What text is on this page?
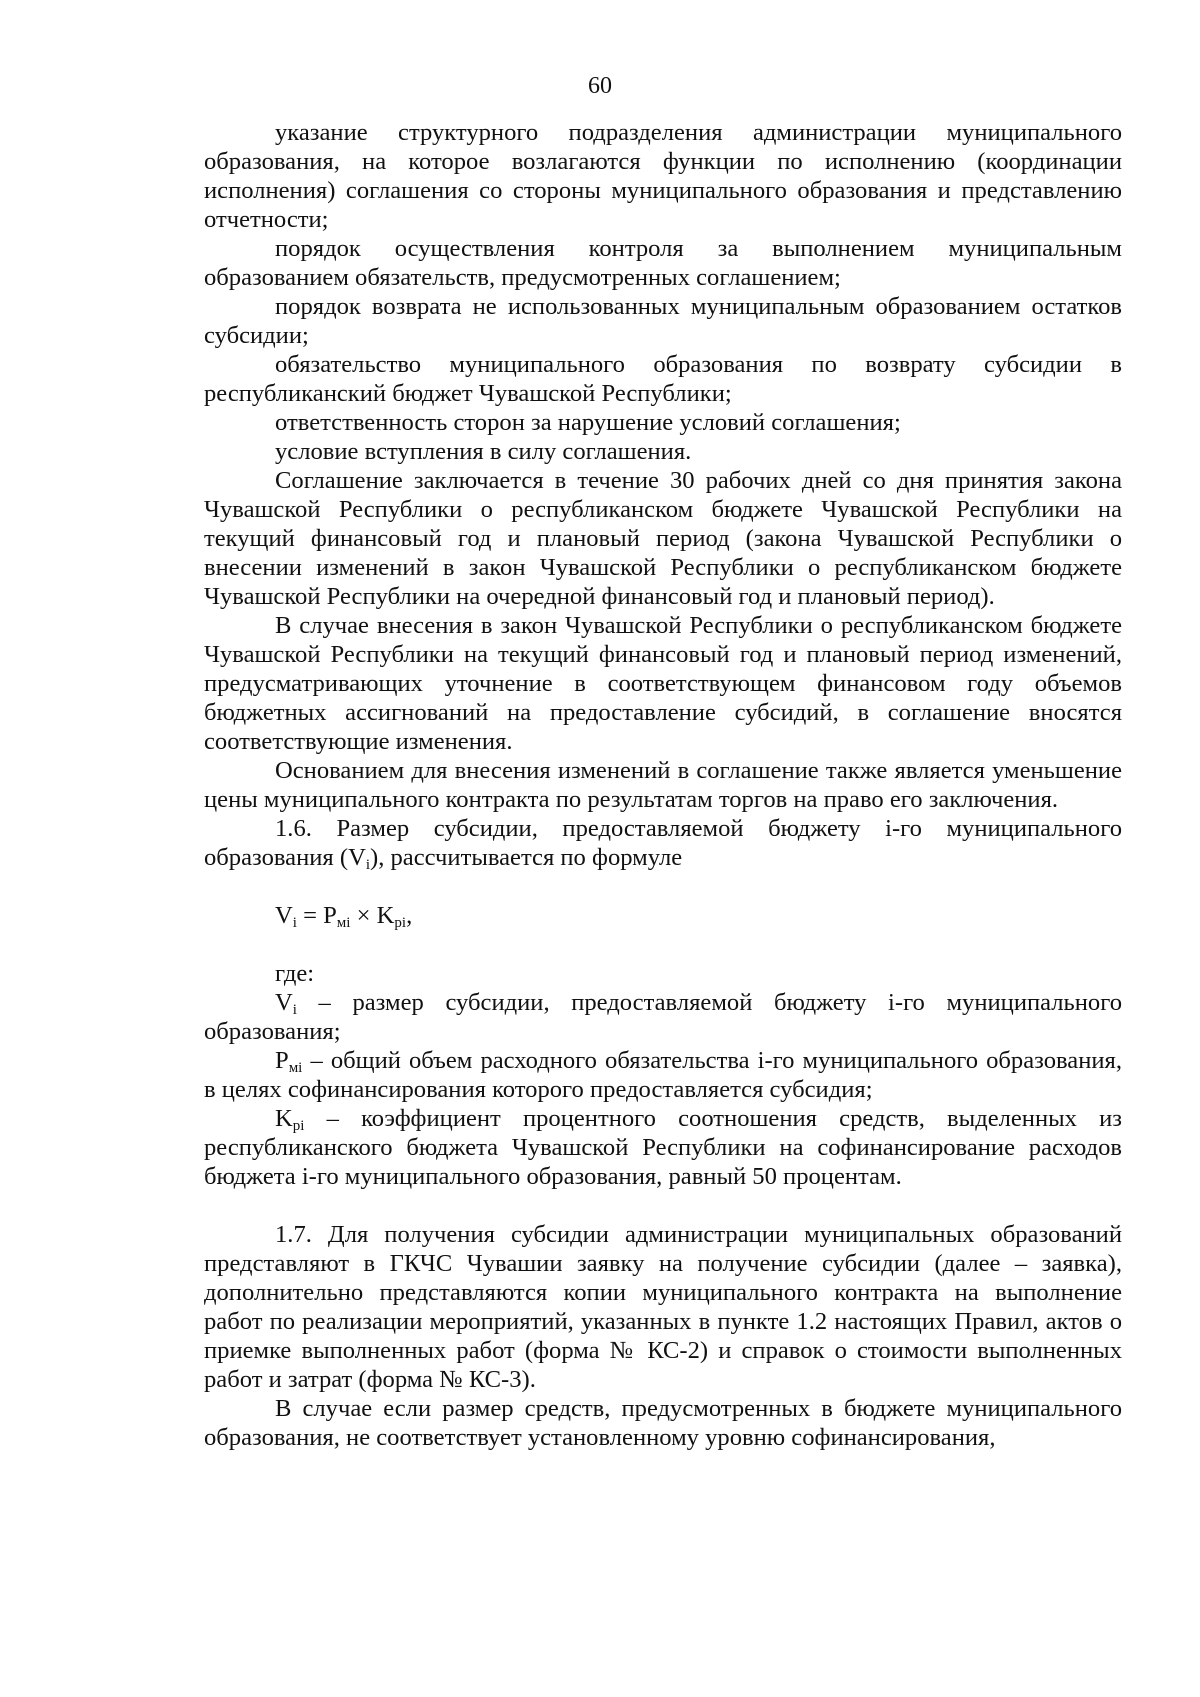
60

указание структурного подразделения администрации муниципального образования, на которое возлагаются функции по исполнению (координации исполнения) соглашения со стороны муниципального образования и представлению отчетности;

порядок осуществления контроля за выполнением муниципальным образованием обязательств, предусмотренных соглашением;

порядок возврата не использованных муниципальным образованием остатков субсидии;

обязательство муниципального образования по возврату субсидии в республиканский бюджет Чувашской Республики;

ответственность сторон за нарушение условий соглашения;

условие вступления в силу соглашения.

Соглашение заключается в течение 30 рабочих дней со дня принятия закона Чувашской Республики о республиканском бюджете Чувашской Республики на текущий финансовый год и плановый период (закона Чувашской Республики о внесении изменений в закон Чувашской Республики о республиканском бюджете Чувашской Республики на очередной финансовый год и плановый период).

В случае внесения в закон Чувашской Республики о республиканском бюджете Чувашской Республики на текущий финансовый год и плановый период изменений, предусматривающих уточнение в соответствующем финансовом году объемов бюджетных ассигнований на предоставление субсидий, в соглашение вносятся соответствующие изменения.

Основанием для внесения изменений в соглашение также является уменьшение цены муниципального контракта по результатам торгов на право его заключения.

1.6. Размер субсидии, предоставляемой бюджету i-го муниципального образования $(V_i)$, рассчитывается по формуле

$V_i = P_{мi} \times K_{pi}$,

где:

$V_i$ – размер субсидии, предоставляемой бюджету i-го муниципального образования;

$P_{мi}$ – общий объем расходного обязательства i-го муниципального образования, в целях софинансирования которого предоставляется субсидия;

$K_{pi}$ – коэффициент процентного соотношения средств, выделенных из республиканского бюджета Чувашской Республики на софинансирование расходов бюджета i-го муниципального образования, равный 50 процентам.

1.7. Для получения субсидии администрации муниципальных образований представляют в ГКЧС Чувашии заявку на получение субсидии (далее – заявка), дополнительно представляются копии муниципального контракта на выполнение работ по реализации мероприятий, указанных в пункте 1.2 настоящих Правил, актов о приемке выполненных работ (форма № КС-2) и справок о стоимости выполненных работ и затрат (форма № КС-3).

В случае если размер средств, предусмотренных в бюджете муниципального образования, не соответствует установленному уровню софинансирования,
